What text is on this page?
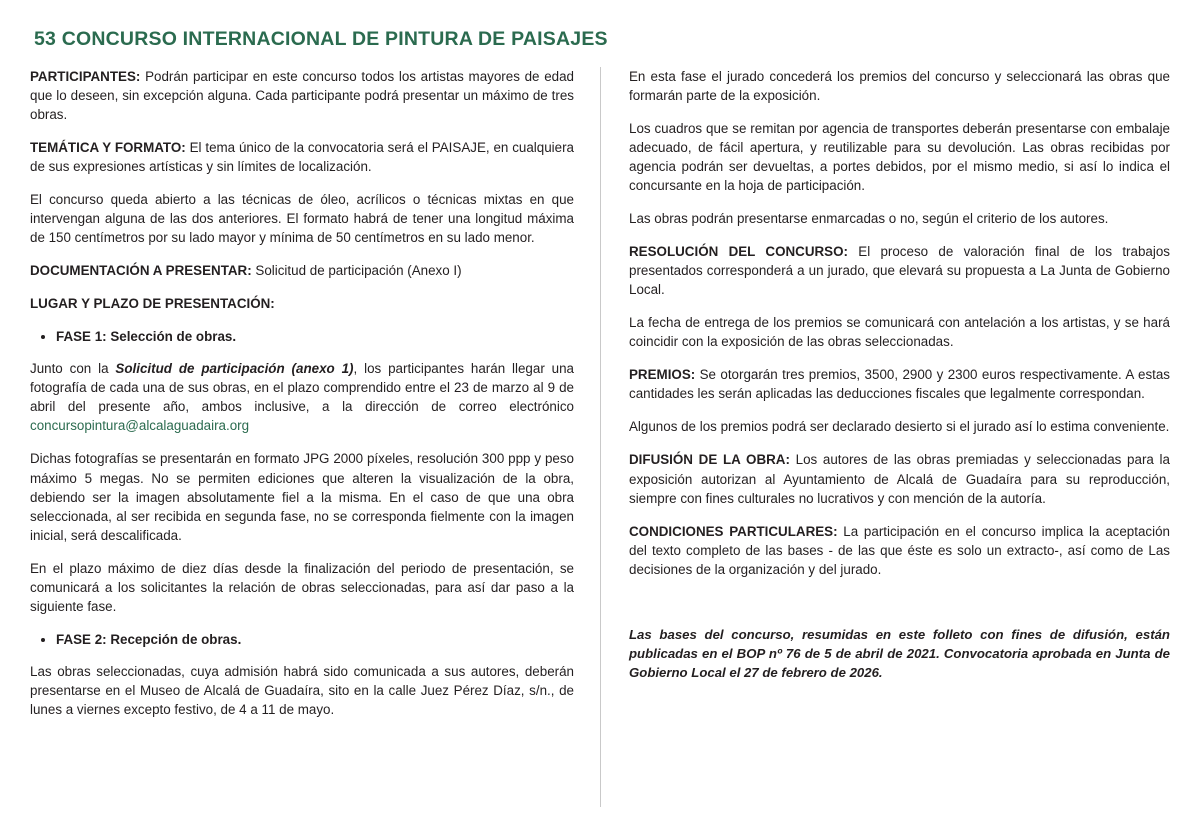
53 CONCURSO INTERNACIONAL DE PINTURA DE PAISAJES

PARTICIPANTES: Podrán participar en este concurso todos los artistas mayores de edad que lo deseen, sin excepción alguna. Cada participante podrá presentar un máximo de tres obras.

TEMÁTICA Y FORMATO: El tema único de la convocatoria será el PAISAJE, en cualquiera de sus expresiones artísticas y sin límites de localización.

El concurso queda abierto a las técnicas de óleo, acrílicos o técnicas mixtas en que intervengan alguna de las dos anteriores. El formato habrá de tener una longitud máxima de 150 centímetros por su lado mayor y mínima de 50 centímetros en su lado menor.

DOCUMENTACIÓN A PRESENTAR: Solicitud de participación (Anexo I)

LUGAR Y PLAZO DE PRESENTACIÓN:

• FASE 1: Selección de obras.

Junto con la Solicitud de participación (anexo 1), los participantes harán llegar una fotografía de cada una de sus obras, en el plazo comprendido entre el 23 de marzo al 9 de abril del presente año, ambos inclusive, a la dirección de correo electrónico concursopintura@alcalaguadaira.org

Dichas fotografías se presentarán en formato JPG 2000 píxeles, resolución 300 ppp y peso máximo 5 megas. No se permiten ediciones que alteren la visualización de la obra, debiendo ser la imagen absolutamente fiel a la misma. En el caso de que una obra seleccionada, al ser recibida en segunda fase, no se corresponda fielmente con la imagen inicial, será descalificada.

En el plazo máximo de diez días desde la finalización del periodo de presentación, se comunicará a los solicitantes la relación de obras seleccionadas, para así dar paso a la siguiente fase.

• FASE 2: Recepción de obras.

Las obras seleccionadas, cuya admisión habrá sido comunicada a sus autores, deberán presentarse en el Museo de Alcalá de Guadaíra, sito en la calle Juez Pérez Díaz, s/n., de lunes a viernes excepto festivo, de 4 a 11 de mayo.

En esta fase el jurado concederá los premios del concurso y seleccionará las obras que formarán parte de la exposición.

Los cuadros que se remitan por agencia de transportes deberán presentarse con embalaje adecuado, de fácil apertura, y reutilizable para su devolución. Las obras recibidas por agencia podrán ser devueltas, a portes debidos, por el mismo medio, si así lo indica el concursante en la hoja de participación.

Las obras podrán presentarse enmarcadas o no, según el criterio de los autores.

RESOLUCIÓN DEL CONCURSO: El proceso de valoración final de los trabajos presentados corresponderá a un jurado, que elevará su propuesta a La Junta de Gobierno Local.

La fecha de entrega de los premios se comunicará con antelación a los artistas, y se hará coincidir con la exposición de las obras seleccionadas.

PREMIOS: Se otorgarán tres premios, 3500, 2900 y 2300 euros respectivamente. A estas cantidades les serán aplicadas las deducciones fiscales que legalmente correspondan.

Algunos de los premios podrá ser declarado desierto si el jurado así lo estima conveniente.

DIFUSIÓN DE LA OBRA: Los autores de las obras premiadas y seleccionadas para la exposición autorizan al Ayuntamiento de Alcalá de Guadaíra para su reproducción, siempre con fines culturales no lucrativos y con mención de la autoría.

CONDICIONES PARTICULARES: La participación en el concurso implica la aceptación del texto completo de las bases - de las que éste es solo un extracto-, así como de Las decisiones de la organización y del jurado.

Las bases del concurso, resumidas en este folleto con fines de difusión, están publicadas en el BOP nº 76 de 5 de abril de 2021. Convocatoria aprobada en Junta de Gobierno Local el 27 de febrero de 2026.
